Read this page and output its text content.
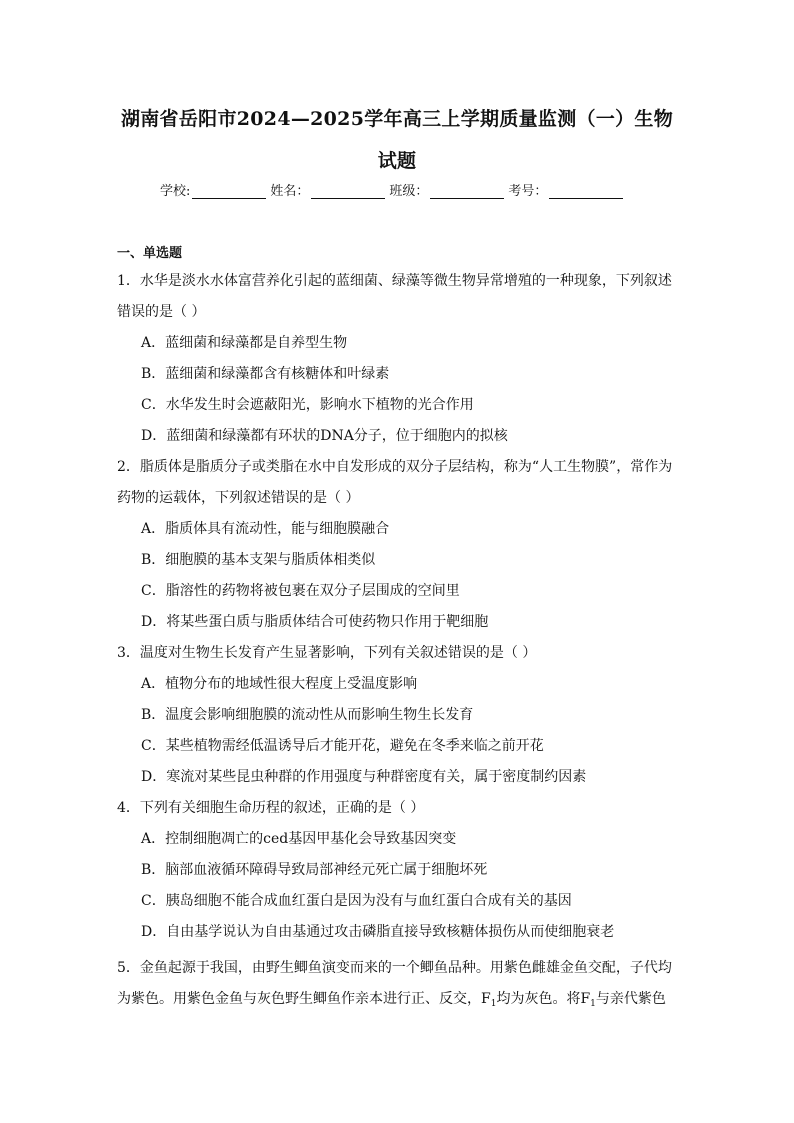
湖南省岳阳市2024—2025学年高三上学期质量监测（一）生物
试题
学校:	姓名：	班级：	考号：
一、单选题
1．水华是淡水水体富营养化引起的蓝细菌、绿藻等微生物异常增殖的一种现象，下列叙述
错误的是（ ）
A．蓝细菌和绿藻都是自养型生物
B．蓝细菌和绿藻都含有核糖体和叶绿素
C．水华发生时会遮蔽阳光，影响水下植物的光合作用
D．蓝细菌和绿藻都有环状的DNA分子，位于细胞内的拟核
2．脂质体是脂质分子或类脂在水中自发形成的双分子层结构，称为“人工生物膜”，常作为
药物的运载体，下列叙述错误的是（ ）
A．脂质体具有流动性，能与细胞膜融合
B．细胞膜的基本支架与脂质体相类似
C．脂溶性的药物将被包裹在双分子层围成的空间里
D．将某些蛋白质与脂质体结合可使药物只作用于靶细胞
3．温度对生物生长发育产生显著影响，下列有关叙述错误的是（ ）
A．植物分布的地域性很大程度上受温度影响
B．温度会影响细胞膜的流动性从而影响生物生长发育
C．某些植物需经低温诱导后才能开花，避免在冬季来临之前开花
D．寒流对某些昆虫种群的作用强度与种群密度有关，属于密度制约因素
4．下列有关细胞生命历程的叙述，正确的是（ ）
A．控制细胞凋亡的ced基因甲基化会导致基因突变
B．脑部血液循环障碍导致局部神经元死亡属于细胞坏死
C．胰岛细胞不能合成血红蛋白是因为没有与血红蛋白合成有关的基因
D．自由基学说认为自由基通过攻击磷脂直接导致核糖体损伤从而使细胞衰老
5．金鱼起源于我国，由野生鲫鱼演变而来的一个鲫鱼品种。用紫色雌雄金鱼交配，子代均
为紫色。用紫色金鱼与灰色野生鲫鱼作亲本进行正、反交，$F_1$均为灰色。将$F_1$与亲代紫色
